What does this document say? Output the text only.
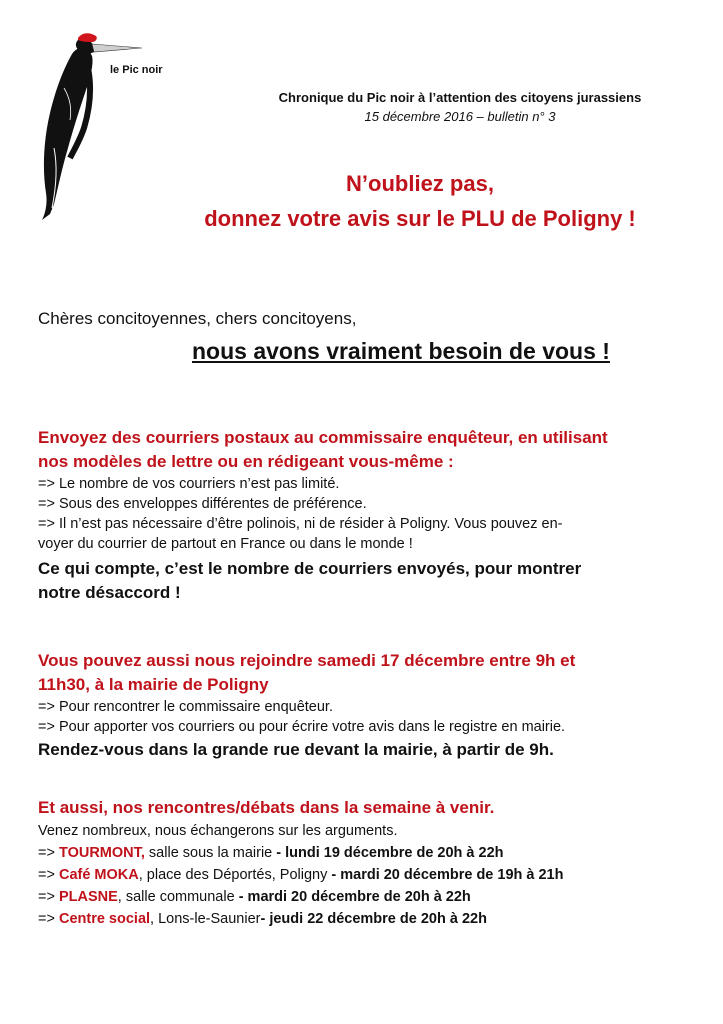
le Pic noir
Chronique du Pic noir à l’attention des citoyens jurassiens
15 décembre 2016 – bulletin n° 3
N’oubliez pas,
donnez votre avis sur le PLU de Poligny !
Chères concitoyennes, chers concitoyens,
nous avons vraiment besoin de vous !
Envoyez des courriers postaux au commissaire enquêteur, en utilisant
nos modèles de lettre ou en rédigeant vous-même :
=> Le nombre de vos courriers n’est pas limité.
=> Sous des enveloppes différentes de préférence.
=> Il n’est pas nécessaire d’être polinois, ni de résider à Poligny. Vous pouvez en-
voyer du courrier de partout en France ou dans le monde !
Ce qui compte, c’est le nombre de courriers envoyés, pour montrer
notre désaccord !
Vous pouvez aussi nous rejoindre samedi 17 décembre entre 9h et
11h30, à la mairie de Poligny
=> Pour rencontrer le commissaire enquêteur.
=> Pour apporter vos courriers ou pour écrire votre avis dans le registre en mairie.
Rendez-vous dans la grande rue devant la mairie, à partir de 9h.
Et aussi, nos rencontres/débats dans la semaine à venir.
Venez nombreux, nous échangerons sur les arguments.
=> TOURMONT, salle sous la mairie - lundi 19 décembre de 20h à 22h
=> Café MOKA, place des Déportés, Poligny - mardi 20 décembre de 19h à 21h
=> PLASNE, salle communale - mardi 20 décembre de 20h à 22h
=> Centre social, Lons-le-Saunier- jeudi 22 décembre de 20h à 22h
